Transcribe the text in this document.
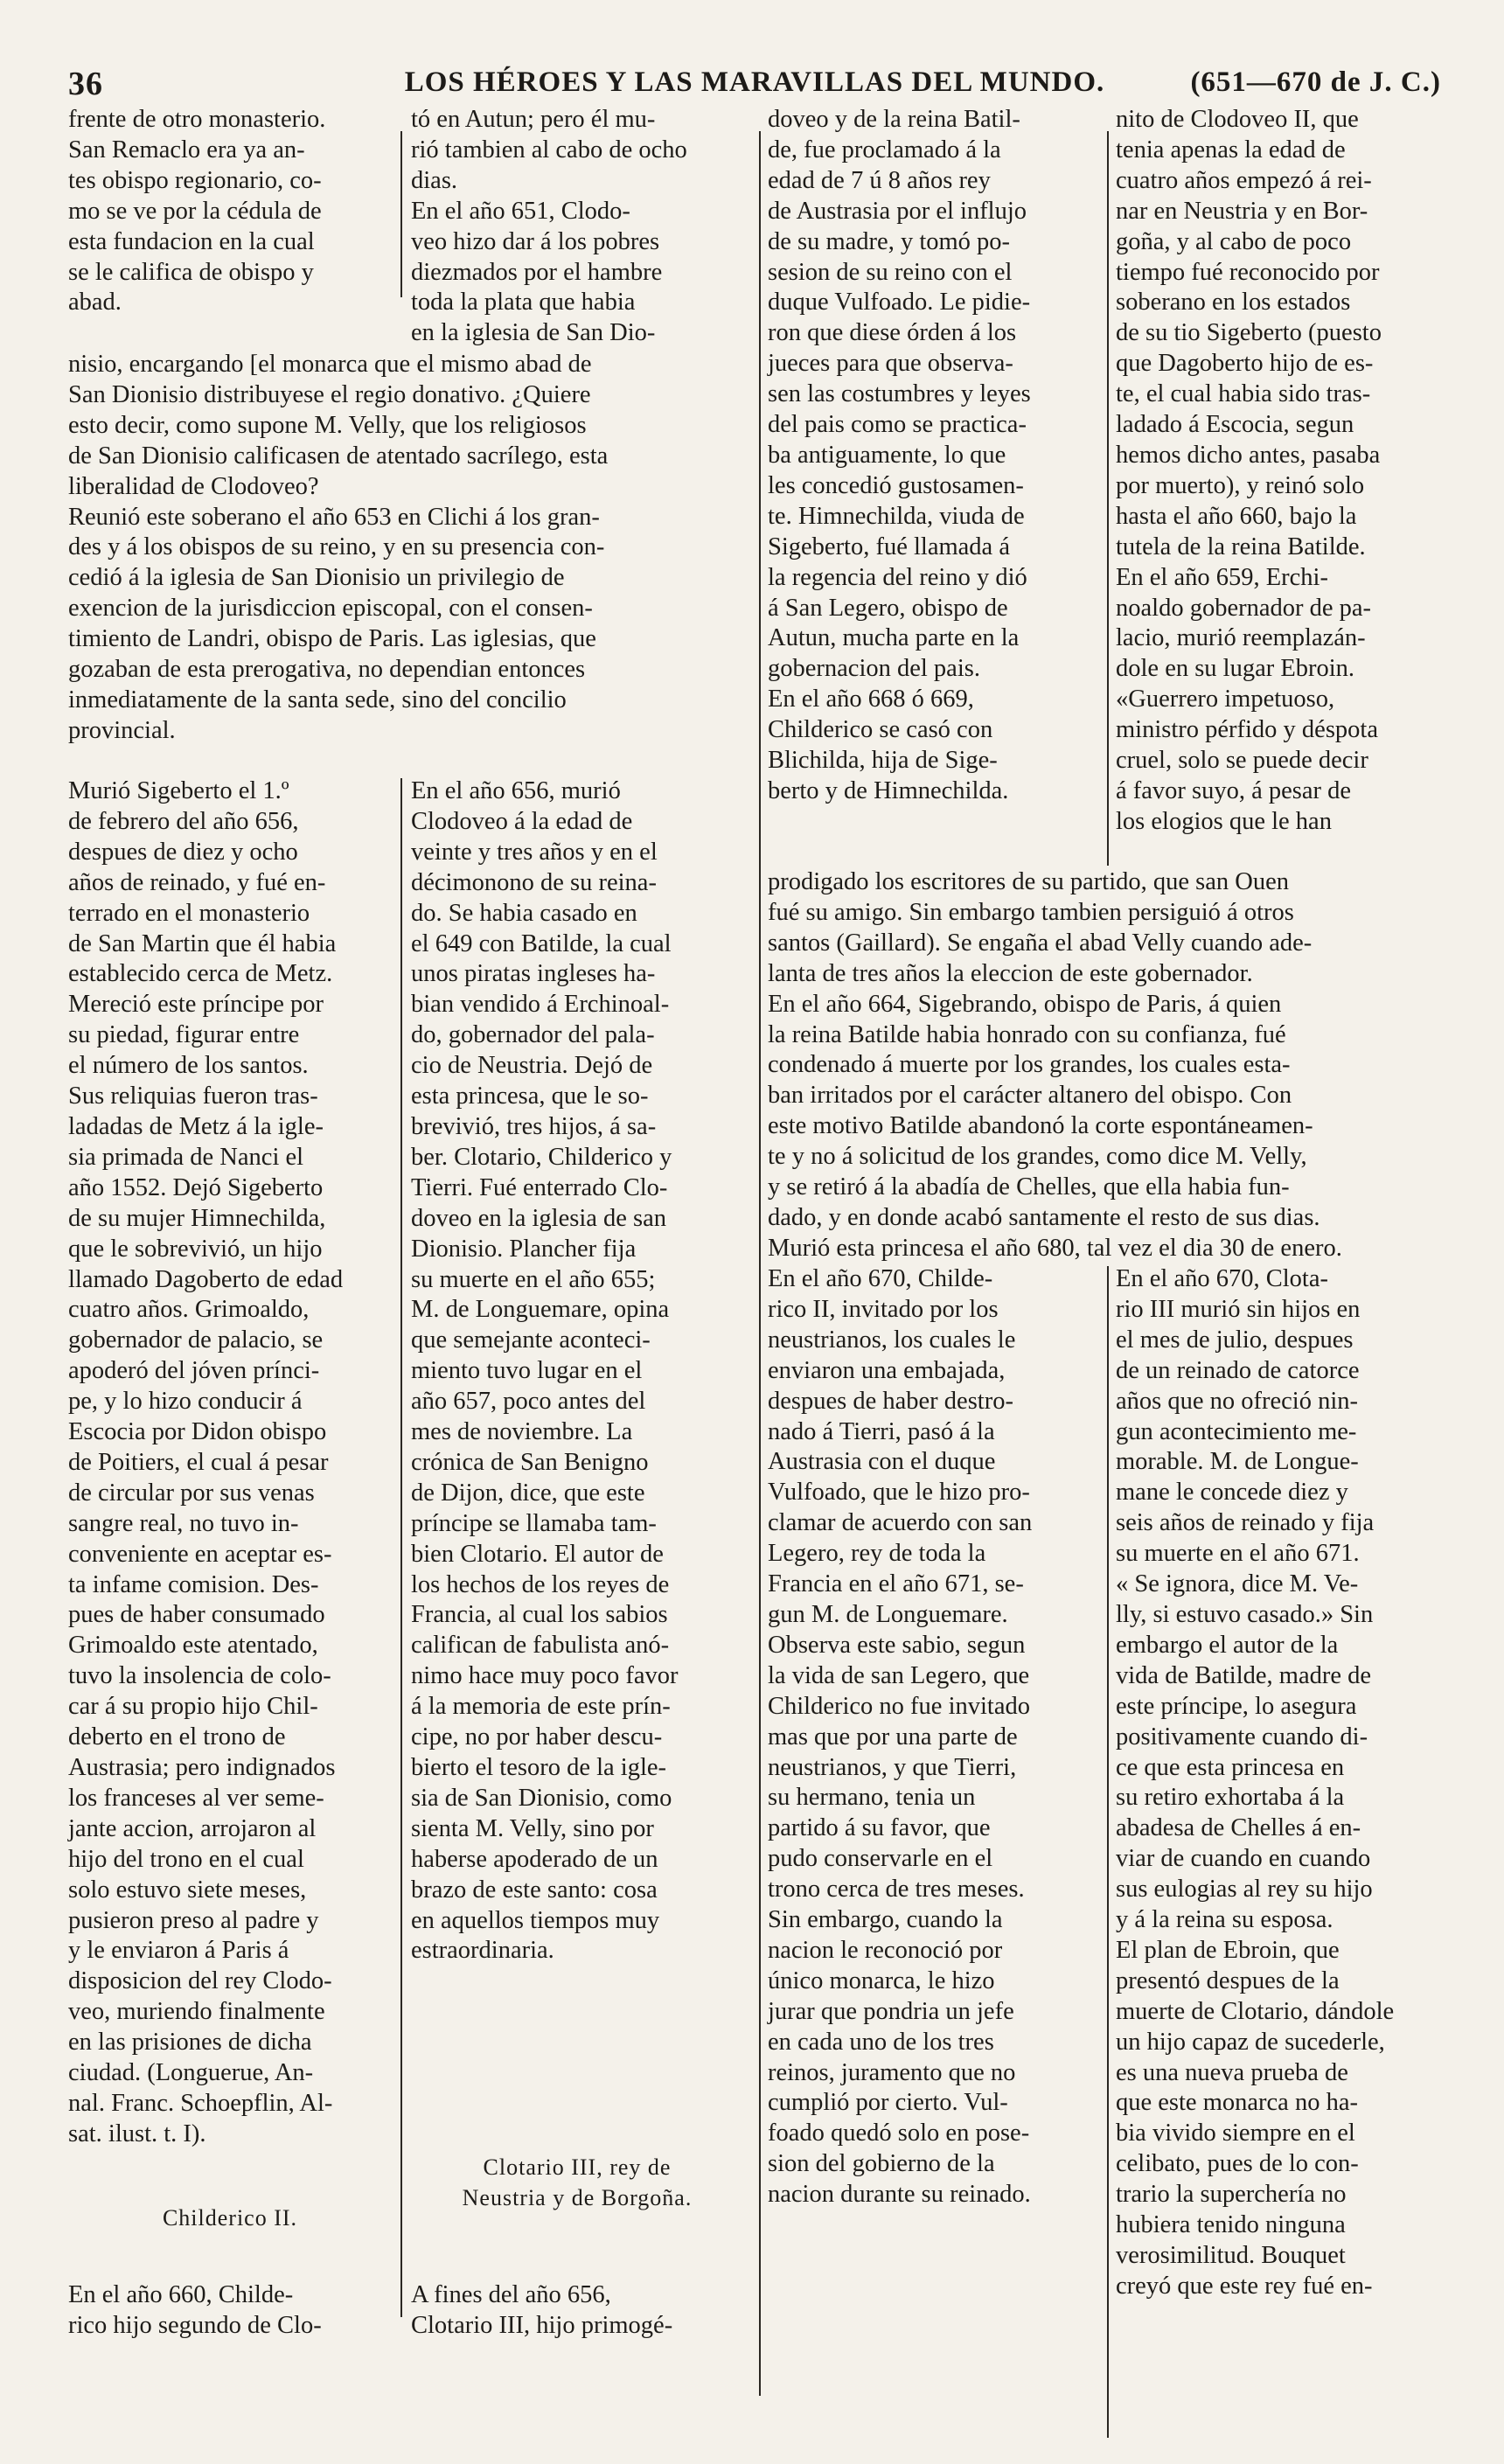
36	LOS HÉROES Y LAS MARAVILLAS DEL MUNDO.	(651—670 de J. C.)
frente de otro monasterio.
San Remaclo era ya an-
tes obispo regionario, co-
mo se ve por la cédula de
esta fundacion en la cual
se le califica de obispo y
abad.
nisio, encargando [el monarca que el mismo abad de
San Dionisio distribuyese el regio donativo. ¿Quiere
esto decir, como supone M. Velly, que los religiosos
de San Dionisio calificasen de atentado sacrílego, esta
liberalidad de Clodoveo?
Reunió este soberano el año 653 en Clichi á los gran-
des y á los obispos de su reino, y en su presencia con-
cedió á la iglesia de San Dionisio un privilegio de
exencion de la jurisdiccion episcopal, con el consen-
timiento de Landri, obispo de Paris. Las iglesias, que
gozaban de esta prerogativa, no dependian entonces
inmediatamente de la santa sede, sino del concilio
provincial.
Murió Sigeberto el 1.º
de febrero del año 656,
despues de diez y ocho
años de reinado, y fué en-
terrado en el monasterio
de San Martin que él habia
establecido cerca de Metz.
Mereció este príncipe por
su piedad, figurar entre
el número de los santos.
Sus reliquias fueron tras-
ladadas de Metz á la igle-
sia primada de Nanci el
año 1552. Dejó Sigeberto
de su mujer Himnechilda,
que le sobrevivió, un hijo
llamado Dagoberto de edad
cuatro años. Grimoaldo,
gobernador de palacio, se
apoderó del jóven prínci-
pe, y lo hizo conducir á
Escocia por Didon obispo
de Poitiers, el cual á pesar
de circular por sus venas
sangre real, no tuvo in-
conveniente en aceptar es-
ta infame comision. Des-
pues de haber consumado
Grimoaldo este atentado,
tuvo la insolencia de colo-
car á su propio hijo Chil-
deberto en el trono de
Austrasia; pero indignados
los franceses al ver seme-
jante accion, arrojaron al
hijo del trono en el cual
solo estuvo siete meses,
pusieron preso al padre y
y le enviaron á Paris á
disposicion del rey Clodo-
veo, muriendo finalmente
en las prisiones de dicha
ciudad. (Longuerue, An-
nal. Franc. Schoepflin, Al-
sat. ilust. t. I).
Childerico II.
En el año 660, Childe-
rico hijo segundo de Clo-
tó en Autun; pero él mu-
rió tambien al cabo de ocho
dias.
En el año 651, Clodo-
veo hizo dar á los pobres
diezmados por el hambre
toda la plata que habia
en la iglesia de San Dio-
En el año 656, murió
Clodoveo á la edad de
veinte y tres años y en el
décimonono de su reina-
do. Se habia casado en
el 649 con Batilde, la cual
unos piratas ingleses ha-
bian vendido á Erchinoal-
do, gobernador del pala-
cio de Neustria. Dejó de
esta princesa, que le so-
brevivió, tres hijos, á sa-
ber. Clotario, Childerico y
Tierri. Fué enterrado Clo-
doveo en la iglesia de san
Dionisio. Plancher fija
su muerte en el año 655;
M. de Longuemare, opina
que semejante aconteci-
miento tuvo lugar en el
año 657, poco antes del
mes de noviembre. La
crónica de San Benigno
de Dijon, dice, que este
príncipe se llamaba tam-
bien Clotario. El autor de
los hechos de los reyes de
Francia, al cual los sabios
califican de fabulista anó-
nimo hace muy poco favor
á la memoria de este prín-
cipe, no por haber descu-
bierto el tesoro de la igle-
sia de San Dionisio, como
sienta M. Velly, sino por
haberse apoderado de un
brazo de este santo: cosa
en aquellos tiempos muy
estraordinaria.
Clotario III, rey de
Neustria y de Borgoña.
A fines del año 656,
Clotario III, hijo primogé-
doveo y de la reina Batil-
de, fue proclamado á la
edad de 7 ú 8 años rey
de Austrasia por el influjo
de su madre, y tomó po-
sesion de su reino con el
duque Vulfoado. Le pidie-
ron que diese órden á los
jueces para que observa-
sen las costumbres y leyes
del pais como se practica-
ba antiguamente, lo que
les concedió gustosamen-
te. Himnechilda, viuda de
Sigeberto, fué llamada á
la regencia del reino y dió
á San Legero, obispo de
Autun, mucha parte en la
gobernacion del pais.
En el año 668 ó 669,
Childerico se casó con
Blichilda, hija de Sige-
berto y de Himnechilda.
prodigado los escritores de su partido, que san Ouen
fué su amigo. Sin embargo tambien persiguió á otros
santos (Gaillard). Se engaña el abad Velly cuando ade-
lanta de tres años la eleccion de este gobernador.
En el año 664, Sigebrando, obispo de Paris, á quien
la reina Batilde habia honrado con su confianza, fué
condenado á muerte por los grandes, los cuales esta-
ban irritados por el carácter altanero del obispo. Con
este motivo Batilde abandonó la corte espontáneamen-
te y no á solicitud de los grandes, como dice M. Velly,
y se retiró á la abadía de Chelles, que ella habia fun-
dado, y en donde acabó santamente el resto de sus dias.
Murió esta princesa el año 680, tal vez el dia 30 de enero.
En el año 670, Childe-
rico II, invitado por los
neustrianos, los cuales le
enviaron una embajada,
despues de haber destro-
nado á Tierri, pasó á la
Austrasia con el duque
Vulfoado, que le hizo pro-
clamar de acuerdo con san
Legero, rey de toda la
Francia en el año 671, se-
gun M. de Longuemare.
Observa este sabio, segun
la vida de san Legero, que
Childerico no fue invitado
mas que por una parte de
neustrianos, y que Tierri,
su hermano, tenia un
partido á su favor, que
pudo conservarle en el
trono cerca de tres meses.
Sin embargo, cuando la
nacion le reconoció por
único monarca, le hizo
jurar que pondria un jefe
en cada uno de los tres
reinos, juramento que no
cumplió por cierto. Vul-
foado quedó solo en pose-
sion del gobierno de la
nacion durante su reinado.
nito de Clodoveo II, que
tenia apenas la edad de
cuatro años empezó á rei-
nar en Neustria y en Bor-
goña, y al cabo de poco
tiempo fué reconocido por
soberano en los estados
de su tio Sigeberto (puesto
que Dagoberto hijo de es-
te, el cual habia sido tras-
ladado á Escocia, segun
hemos dicho antes, pasaba
por muerto), y reinó solo
hasta el año 660, bajo la
tutela de la reina Batilde.
En el año 659, Erchi-
noaldo gobernador de pa-
lacio, murió reemplazán-
dole en su lugar Ebroin.
«Guerrero impetuoso,
ministro pérfido y déspota
cruel, solo se puede decir
á favor suyo, á pesar de
los elogios que le han
En el año 670, Clota-
rio III murió sin hijos en
el mes de julio, despues
de un reinado de catorce
años que no ofreció nin-
gun acontecimiento me-
morable. M. de Longue-
mane le concede diez y
seis años de reinado y fija
su muerte en el año 671.
« Se ignora, dice M. Ve-
lly, si estuvo casado.» Sin
embargo el autor de la
vida de Batilde, madre de
este príncipe, lo asegura
positivamente cuando di-
ce que esta princesa en
su retiro exhortaba á la
abadesa de Chelles á en-
viar de cuando en cuando
sus eulogias al rey su hijo
y á la reina su esposa.
El plan de Ebroin, que
presentó despues de la
muerte de Clotario, dándole
un hijo capaz de sucederle,
es una nueva prueba de
que este monarca no ha-
bia vivido siempre en el
celibato, pues de lo con-
trario la superchería no
hubiera tenido ninguna
verosimilitud. Bouquet
creyó que este rey fué en-
